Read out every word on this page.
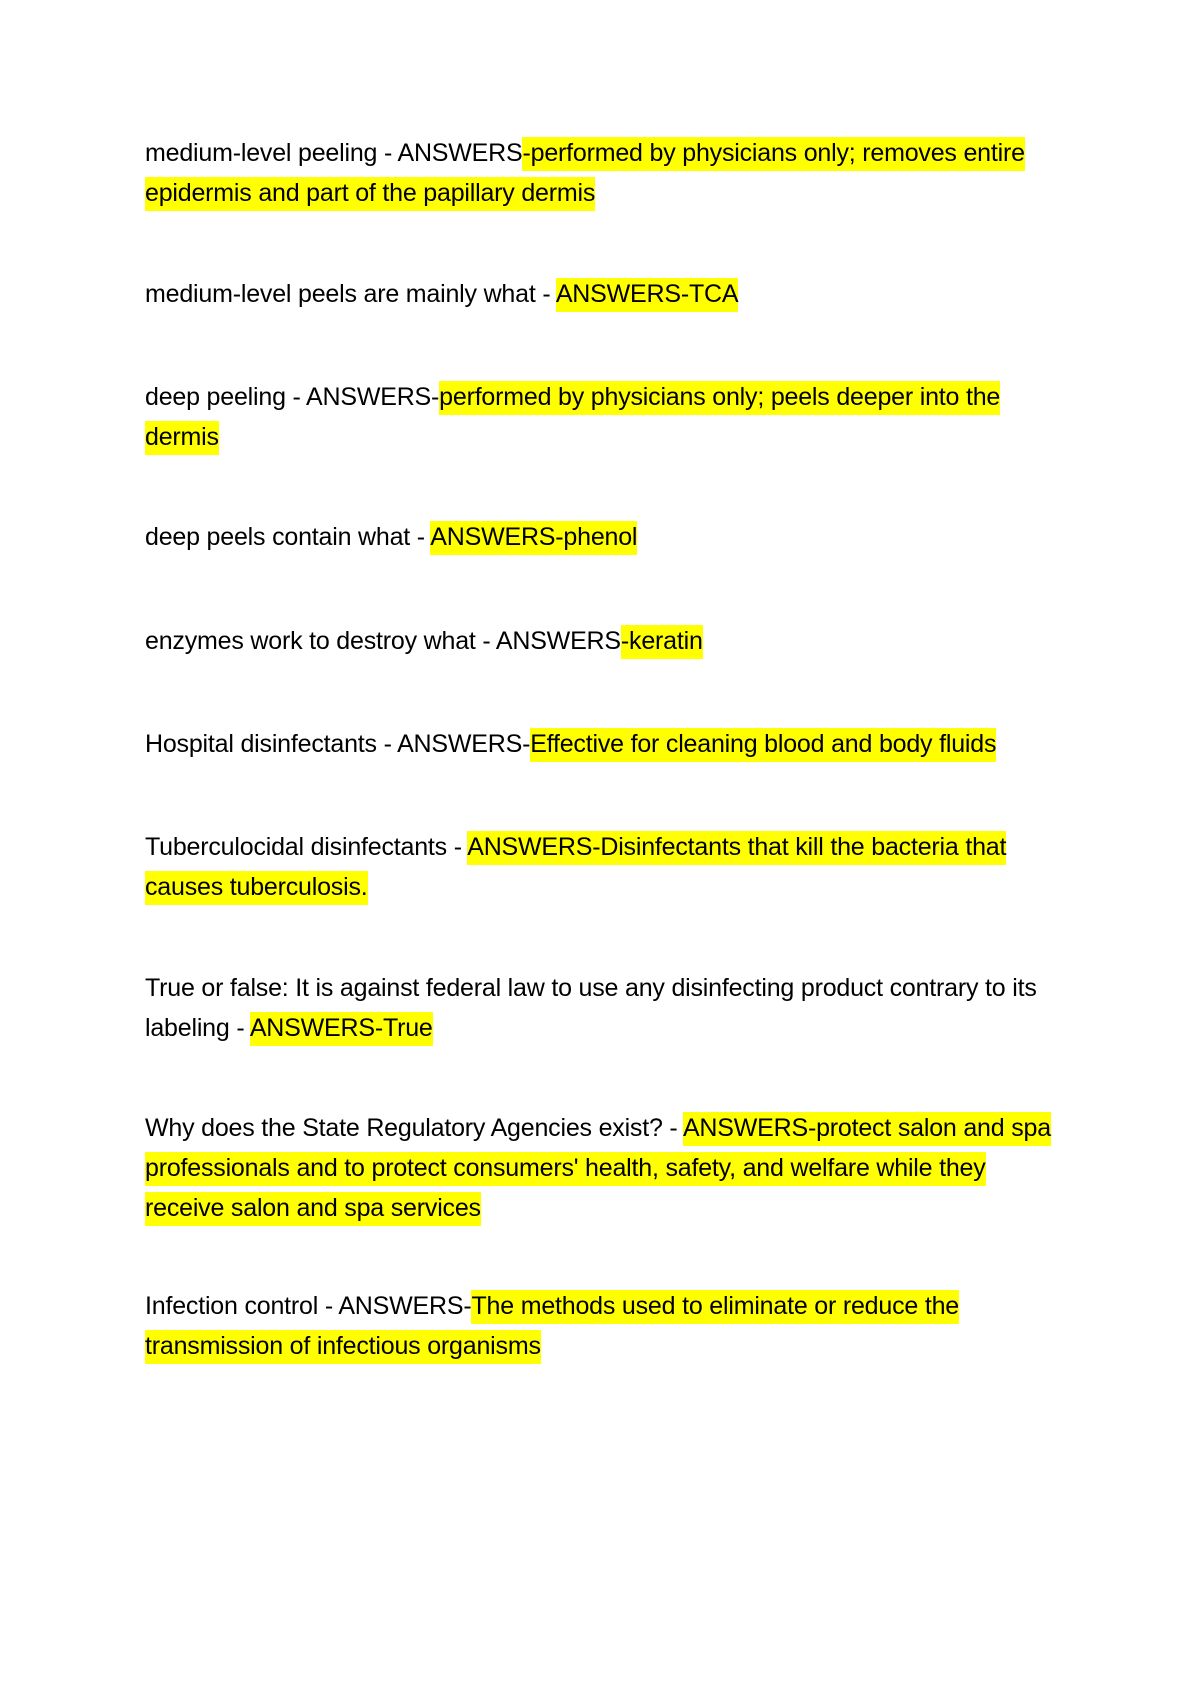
medium-level peeling - ANSWERS-performed by physicians only; removes entire epidermis and part of the papillary dermis

medium-level peels are mainly what - ANSWERS-TCA

deep peeling - ANSWERS-performed by physicians only; peels deeper into the dermis

deep peels contain what - ANSWERS-phenol

enzymes work to destroy what - ANSWERS-keratin

Hospital disinfectants - ANSWERS-Effective for cleaning blood and body fluids

Tuberculocidal disinfectants - ANSWERS-Disinfectants that kill the bacteria that causes tuberculosis.

True or false: It is against federal law to use any disinfecting product contrary to its labeling - ANSWERS-True

Why does the State Regulatory Agencies exist? - ANSWERS-protect salon and spa professionals and to protect consumers' health, safety, and welfare while they receive salon and spa services

Infection control - ANSWERS-The methods used to eliminate or reduce the transmission of infectious organisms
